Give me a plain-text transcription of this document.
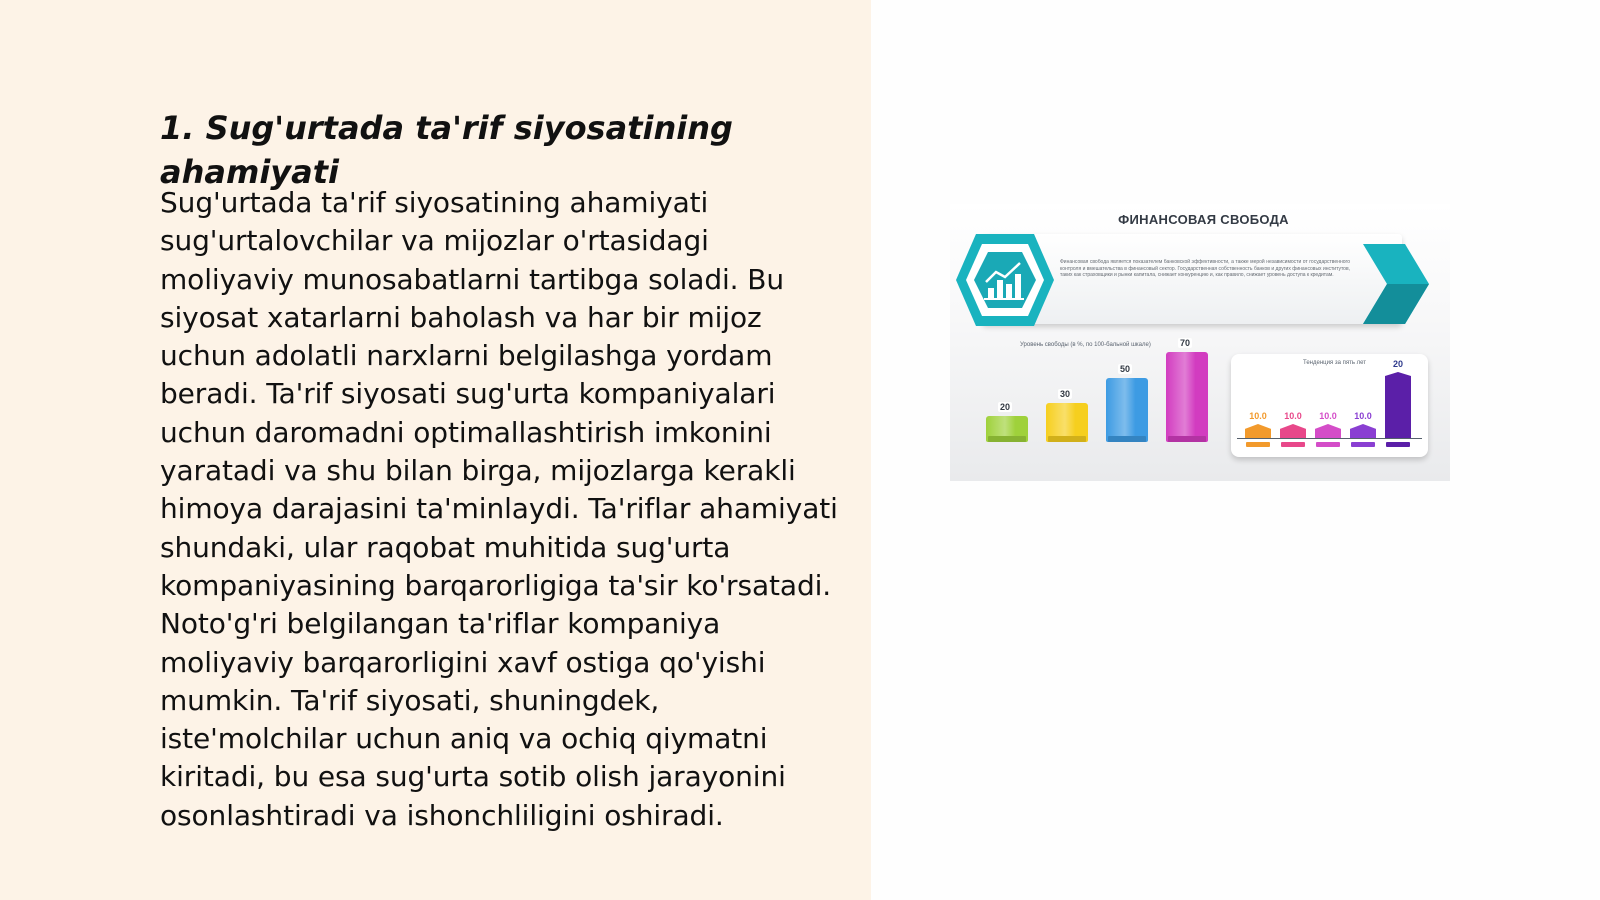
1. Sug'urtada ta'rif siyosatining ahamiyati

Sug'urtada ta'rif siyosatining ahamiyati sug'urtalovchilar va mijozlar o'rtasidagi moliyaviy munosabatlarni tartibga soladi. Bu siyosat xatarlarni baholash va har bir mijoz uchun adolatli narxlarni belgilashga yordam beradi. Ta'rif siyosati sug'urta kompaniyalari uchun daromadni optimallashtirish imkonini yaratadi va shu bilan birga, mijozlarga kerakli himoya darajasini ta'minlaydi. Ta'riflar ahamiyati shundaki, ular raqobat muhitida sug'urta kompaniyasining barqarorligiga ta'sir ko'rsatadi. Noto'g'ri belgilangan ta'riflar kompaniya moliyaviy barqarorligini xavf ostiga qo'yishi mumkin. Ta'rif siyosati, shuningdek, iste'molchilar uchun aniq va ochiq qiymatni kiritadi, bu esa sug'urta sotib olish jarayonini osonlashtiradi va ishonchliligini oshiradi.

ФИНАНСОВАЯ СВОБОДА
Финансовая свобода является показателем банковской эффективности, а также мерой независимости от государственного контроля и вмешательства в финансовый сектор. Государственная собственность банков и других финансовых институтов, таких как страховщики и рынки капитала, снижает конкуренцию и, как правило, снижает уровень доступа к кредитам.
Уровень свободы (в %, по 100-бальной шкале)
20
30
50
70
Тенденция за пять лет
10.0	10.0	10.0	10.0
20
